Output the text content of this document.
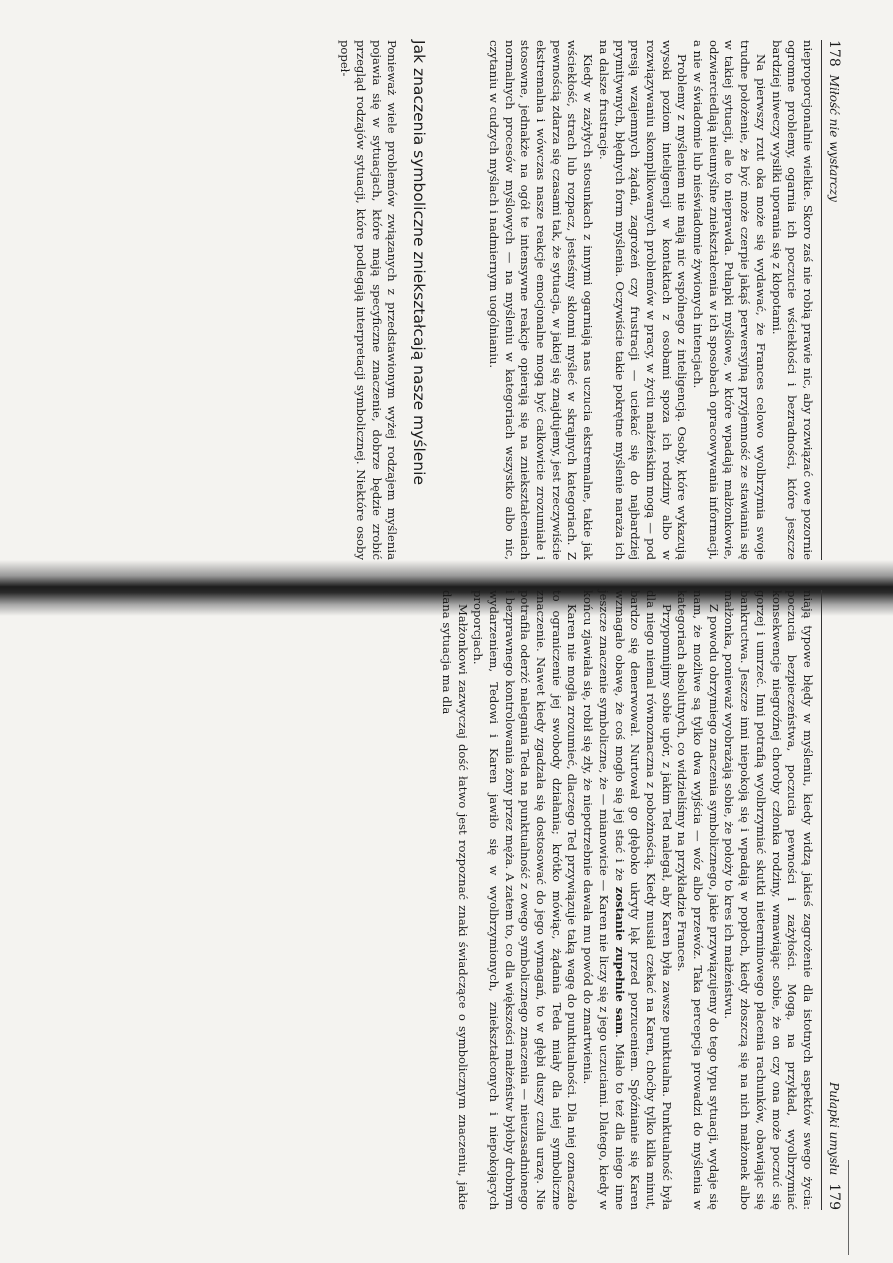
178
Miłość nie wystarczy

nieproporcjonalnie wielkie. Skoro zaś nie robią prawie nic, aby rozwiązać owe pozornie ogromne problemy, ogarnia ich poczucie wściekłości i bezradności, które jeszcze bardziej niweczy wysiłki uporania się z kłopotami.

Na pierwszy rzut oka może się wydawać, że Frances celowo wyolbrzymia swoje trudne położenie, że być może czerpie jakąś perwersyjną przyjemność ze stawiania się w takiej sytuacji, ale to nieprawda. Pułapki myślowe, w które wpadają małżonkowie, odzwierciedlają nieumyślne zniekształcenia w ich sposobach opracowywania informacji, a nie w świadomie lub nieświadomie żywionych intencjach.

Problemy z myśleniem nie mają nic wspólnego z inteligencją. Osoby, które wykazują wysoki poziom inteligencji w kontaktach z osobami spoza ich rodziny albo w rozwiązywaniu skomplikowanych problemów w pracy, w życiu małżeńskim mogą — pod presją wzajemnych żądań, zagrożeń czy frustracji — uciekać się do najbardziej prymitywnych, błędnych form myślenia. Oczywiście takie pokrętne myślenie naraża ich na dalsze frustracje.

Kiedy w zażyłych stosunkach z innymi ogarniają nas uczucia ekstremalne, takie jak wściekłość, strach lub rozpacz, jesteśmy skłonni myśleć w skrajnych kategoriach. Z pewnością zdarza się czasami tak, że sytuacja, w jakiej się znajdujemy, jest rzeczywiście ekstremalna i wówczas nasze reakcje emocjonalne mogą być całkowicie zrozumiałe i stosowne, jednakże na ogół te intensywne reakcje opierają się na zniekształceniach normalnych procesów myślowych — na myśleniu w kategoriach wszystko albo nic, czytaniu w cudzych myślach i nadmiernym uogólnianiu.

Jak znaczenia symboliczne zniekształcają nasze myślenie

Ponieważ wiele problemów związanych z przedstawionym wyżej rodzajem myślenia pojawia się w sytuacjach, które mają specyficzne znaczenie, dobrze będzie zrobić przegląd rodzajów sytuacji, które podlegają interpretacji symbolicznej. Niektóre osoby popeł-

Pułapki umysłu
179

niają typowe błędy w myśleniu, kiedy widzą jakieś zagrożenie dla istotnych aspektów swego życia: poczucia bezpieczeństwa, poczucia pewności i zażyłości. Mogą, na przykład, wyolbrzymiać konsekwencje niegroźnej choroby członka rodziny, wmawiając sobie, że on czy ona może poczuć się gorzej i umrzeć. Inni potrafią wyolbrzymiać skutki nieterminowego płacenia rachunków, obawiając się bankructwa. Jeszcze inni niepokoją się i wpadają w popłoch, kiedy złoszczą się na nich małżonek albo małżonka, ponieważ wyobrażają sobie, że położy to kres ich małżeństwu.

Z powodu obrzymiego znaczenia symbolicznego, jakie przywiązujemy do tego typu sytuacji, wydaje się nam, że możliwe są tylko dwa wyjścia — wóz albo przewóz. Taka percepcja prowadzi do myślenia w kategoriach absolutnych, co widzieliśmy na przykładzie Frances.

Przypomnijmy sobie upór, z jakim Ted nalegał, aby Karen była zawsze punktualna. Punktualność była dla niego niemal równoznaczna z pobożnością. Kiedy musiał czekać na Karen, choćby tylko kilka minut, bardzo się denerwował. Nurtował go głęboko ukryty lęk przed porzuceniem. Spóźnianie się Karen wzmagało obawę, że coś mogło się jej stać i że zostanie zupełnie sam. Miało to też dla niego inne jeszcze znaczenie symboliczne, że — mianowicie — Karen nie liczy się z jego uczuciami. Dlatego, kiedy w końcu zjawiała się, robił się zły, że niepotrzebnie dawała mu powód do zmartwienia.

Karen nie mogła zrozumieć, dlaczego Ted przywiązuje taką wagę do punktualności. Dla niej oznaczało to ograniczenie jej swobody działania; krótko mówiąc, żądania Teda miały dla niej symboliczne znaczenie. Nawet kiedy zgadzała się dostosować do jego wymagań, to w głębi duszy czuła urazę. Nie potrafiła oderżć nalegania Teda na punktualność z owego symbolicznego znaczenia — nieuzasadnionego i bezprawnego kontrolowania żony przez męża. A zatem to, co dla większości małżeństw byłoby drobnym wydarzeniem, Tedowi i Karen jawiło się w wyolbrzymionych, zniekształconych i niepokojących proporcjach.

Małżonkowi zazwyczaj dość łatwo jest rozpoznać znaki świadczące o symbolicznym znaczeniu, jakie dana sytuacja ma dla
